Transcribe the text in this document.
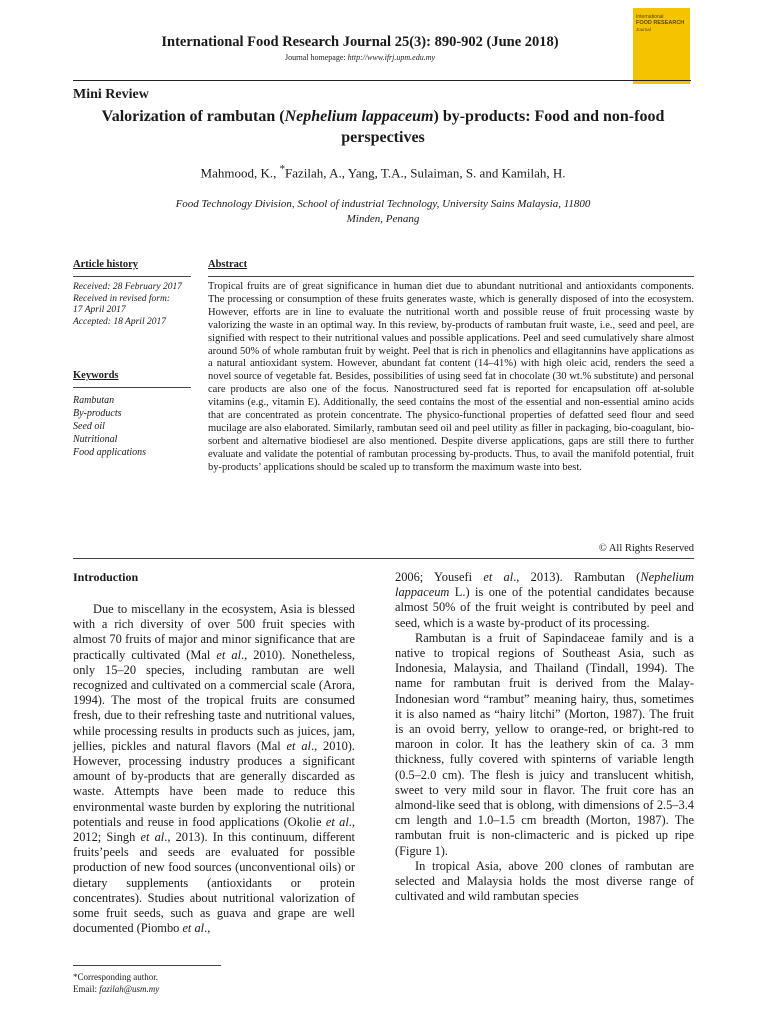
International Food Research Journal 25(3): 890-902 (June 2018)
Journal homepage: http://www.ifrj.upm.edu.my
International
FOOD RESEARCH
Journal
Mini Review
Valorization of rambutan (Nephelium lappaceum) by-products: Food and non-food perspectives
Mahmood, K., *Fazilah, A., Yang, T.A., Sulaiman, S. and Kamilah, H.
Food Technology Division, School of industrial Technology, University Sains Malaysia, 11800
Minden, Penang
Article history
Received: 28 February 2017
Received in revised form:
17 April 2017
Accepted: 18 April 2017
Keywords
Rambutan
By-products
Seed oil
Nutritional
Food applications
Abstract
Tropical fruits are of great significance in human diet due to abundant nutritional and antioxidants components. The processing or consumption of these fruits generates waste, which is generally disposed of into the ecosystem. However, efforts are in line to evaluate the nutritional worth and possible reuse of fruit processing waste by valorizing the waste in an optimal way. In this review, by-products of rambutan fruit waste, i.e., seed and peel, are signified with respect to their nutritional values and possible applications. Peel and seed cumulatively share almost around 50% of whole rambutan fruit by weight. Peel that is rich in phenolics and ellagitannins have applications as a natural antioxidant system. However, abundant fat content (14–41%) with high oleic acid, renders the seed a novel source of vegetable fat. Besides, possibilities of using seed fat in chocolate (30 wt.% substitute) and personal care products are also one of the focus. Nanostructured seed fat is reported for encapsulation off at-soluble vitamins (e.g., vitamin E). Additionally, the seed contains the most of the essential and non-essential amino acids that are concentrated as protein concentrate. The physico-functional properties of defatted seed flour and seed mucilage are also elaborated. Similarly, rambutan seed oil and peel utility as filler in packaging, bio-coagulant, bio-sorbent and alternative biodiesel are also mentioned. Despite diverse applications, gaps are still there to further evaluate and validate the potential of rambutan processing by-products. Thus, to avail the manifold potential, fruit by-products’ applications should be scaled up to transform the maximum waste into best.
© All Rights Reserved
Introduction

Due to miscellany in the ecosystem, Asia is blessed with a rich diversity of over 500 fruit species with almost 70 fruits of major and minor significance that are practically cultivated (Mal et al., 2010). Nonetheless, only 15–20 species, including rambutan are well recognized and cultivated on a commercial scale (Arora, 1994). The most of the tropical fruits are consumed fresh, due to their refreshing taste and nutritional values, while processing results in products such as juices, jam, jellies, pickles and natural flavors (Mal et al., 2010). However, processing industry produces a significant amount of by-products that are generally discarded as waste. Attempts have been made to reduce this environmental waste burden by exploring the nutritional potentials and reuse in food applications (Okolie et al., 2012; Singh et al., 2013). In this continuum, different fruits’peels and seeds are evaluated for possible production of new food sources (unconventional oils) or dietary supplements (antioxidants or protein concentrates). Studies about nutritional valorization of some fruit seeds, such as guava and grape are well documented (Piombo et al.,

2006; Yousefi et al., 2013). Rambutan (Nephelium lappaceum L.) is one of the potential candidates because almost 50% of the fruit weight is contributed by peel and seed, which is a waste by-product of its processing.

Rambutan is a fruit of Sapindaceae family and is a native to tropical regions of Southeast Asia, such as Indonesia, Malaysia, and Thailand (Tindall, 1994). The name for rambutan fruit is derived from the Malay-Indonesian word “rambut” meaning hairy, thus, sometimes it is also named as “hairy litchi” (Morton, 1987). The fruit is an ovoid berry, yellow to orange-red, or bright-red to maroon in color. It has the leathery skin of ca. 3 mm thickness, fully covered with spinterns of variable length (0.5–2.0 cm). The flesh is juicy and translucent whitish, sweet to very mild sour in flavor. The fruit core has an almond-like seed that is oblong, with dimensions of 2.5–3.4 cm length and 1.0–1.5 cm breadth (Morton, 1987). The rambutan fruit is non-climacteric and is picked up ripe (Figure 1).

In tropical Asia, above 200 clones of rambutan are selected and Malaysia holds the most diverse range of cultivated and wild rambutan species

*Corresponding author.
Email: fazilah@usm.my
